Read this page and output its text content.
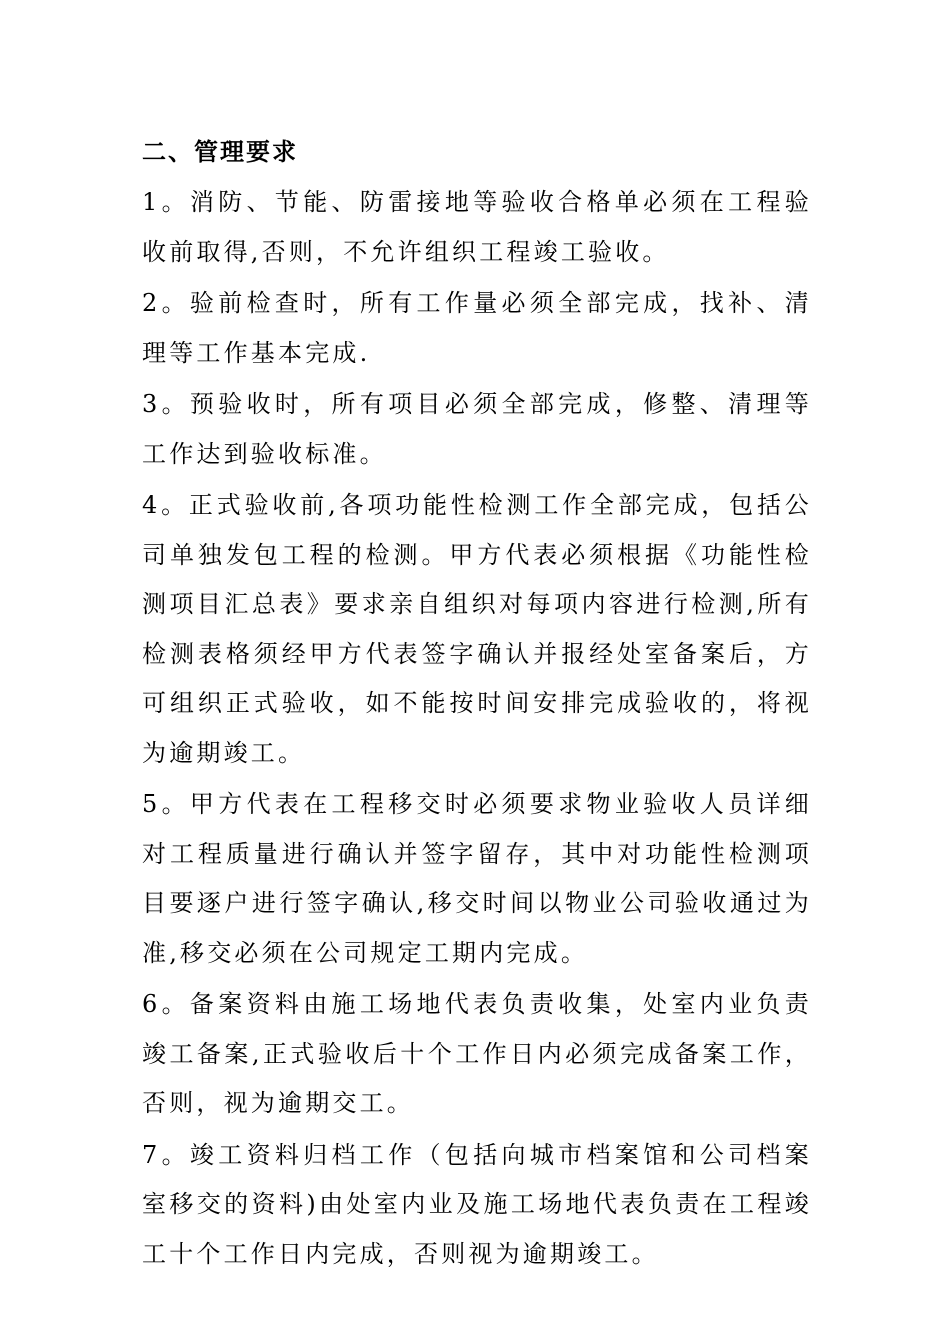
二、管理要求

1。消防、节能、防雷接地等验收合格单必须在工程验收前取得,否则，不允许组织工程竣工验收。

2。验前检查时，所有工作量必须全部完成，找补、清理等工作基本完成.

3。预验收时，所有项目必须全部完成，修整、清理等工作达到验收标准。

4。正式验收前,各项功能性检测工作全部完成，包括公司单独发包工程的检测。甲方代表必须根据《功能性检测项目汇总表》要求亲自组织对每项内容进行检测,所有检测表格须经甲方代表签字确认并报经处室备案后，方可组织正式验收，如不能按时间安排完成验收的，将视为逾期竣工。

5。甲方代表在工程移交时必须要求物业验收人员详细对工程质量进行确认并签字留存，其中对功能性检测项目要逐户进行签字确认,移交时间以物业公司验收通过为准,移交必须在公司规定工期内完成。

6。备案资料由施工场地代表负责收集，处室内业负责竣工备案,正式验收后十个工作日内必须完成备案工作，否则，视为逾期交工。

7。竣工资料归档工作（包括向城市档案馆和公司档案室移交的资料)由处室内业及施工场地代表负责在工程竣工十个工作日内完成，否则视为逾期竣工。
